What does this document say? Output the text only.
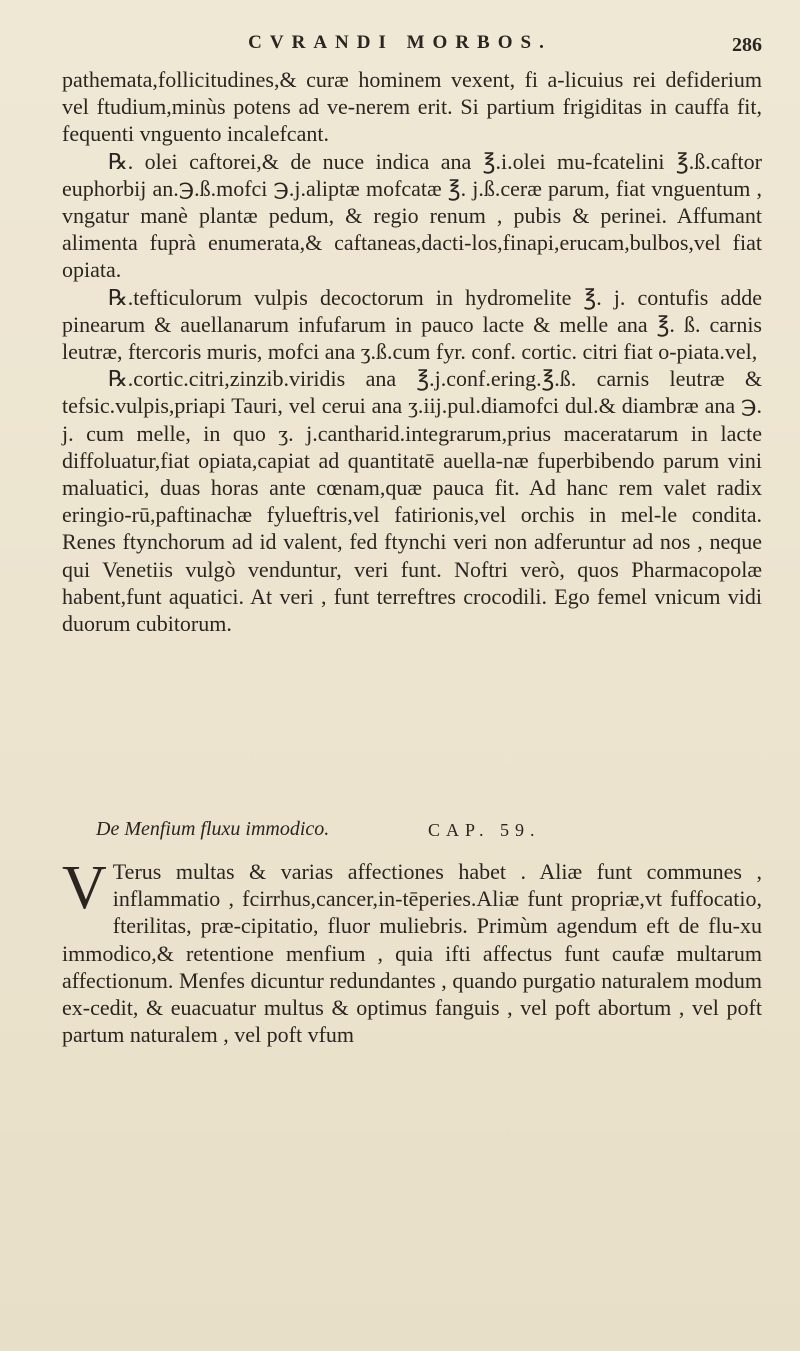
CVRANDI MORBOS.	286

pathemata,follicitudines,& curæ hominem vexent, fi a-licuius rei defiderium vel ftudium,minùs potens ad ve-nerem erit. Si partium frigiditas in cauffa fit, fequenti vnguento incalefcant.

℞. olei caftorei,& de nuce indica ana ℥.i.olei mu-fcatelini ℥.ß.caftor euphorbij an.℈.ß.mofci ℈.j.aliptæ mofcatæ ℥. j.ß.ceræ parum, fiat vnguentum , vngatur manè plantæ pedum, & regio renum , pubis & perinei. Affumant alimenta fuprà enumerata,& caftaneas,dacti-los,finapi,erucam,bulbos,vel fiat opiata.

℞.tefticulorum vulpis decoctorum in hydromelite ℥. j. contufis adde pinearum & auellanarum infufarum in pauco lacte & melle ana ℥. ß. carnis leutræ, ftercoris muris, mofci ana ʒ.ß.cum fyr. conf. cortic. citri fiat o-piata.vel,

℞.cortic.citri,zinzib.viridis ana ℥.j.conf.ering.℥.ß. carnis leutræ & tefsic.vulpis,priapi Tauri, vel cerui ana ʒ.iij.pul.diamofci dul.& diambræ ana ℈. j. cum melle, in quo ʒ. j.cantharid.integrarum,prius maceratarum in lacte diffoluatur,fiat opiata,capiat ad quantitatē auella-næ fuperbibendo parum vini maluatici, duas horas ante cœnam,quæ pauca fit. Ad hanc rem valet radix eringio-rū,paftinachæ fylueftris,vel fatirionis,vel orchis in mel-le condita. Renes ftynchorum ad id valent, fed ftynchi veri non adferuntur ad nos , neque qui Venetiis vulgò venduntur, veri funt. Noftri verò, quos Pharmacopolæ habent,funt aquatici. At veri , funt terreftres crocodili. Ego femel vnicum vidi duorum cubitorum.

De Menfium fluxu immodico.	CAP. 59.

V Terus multas & varias affectiones habet . Aliæ funt communes , inflammatio , fcirrhus,cancer,in-tēperies.Aliæ funt propriæ,vt fuffocatio, fterilitas, præ-cipitatio, fluor muliebris. Primùm agendum eft de flu-xu immodico,& retentione menfium , quia ifti affectus funt caufæ multarum affectionum. Menfes dicuntur redundantes , quando purgatio naturalem modum ex-cedit, & euacuatur multus & optimus fanguis , vel poft abortum , vel poft partum naturalem , vel poft vfum
